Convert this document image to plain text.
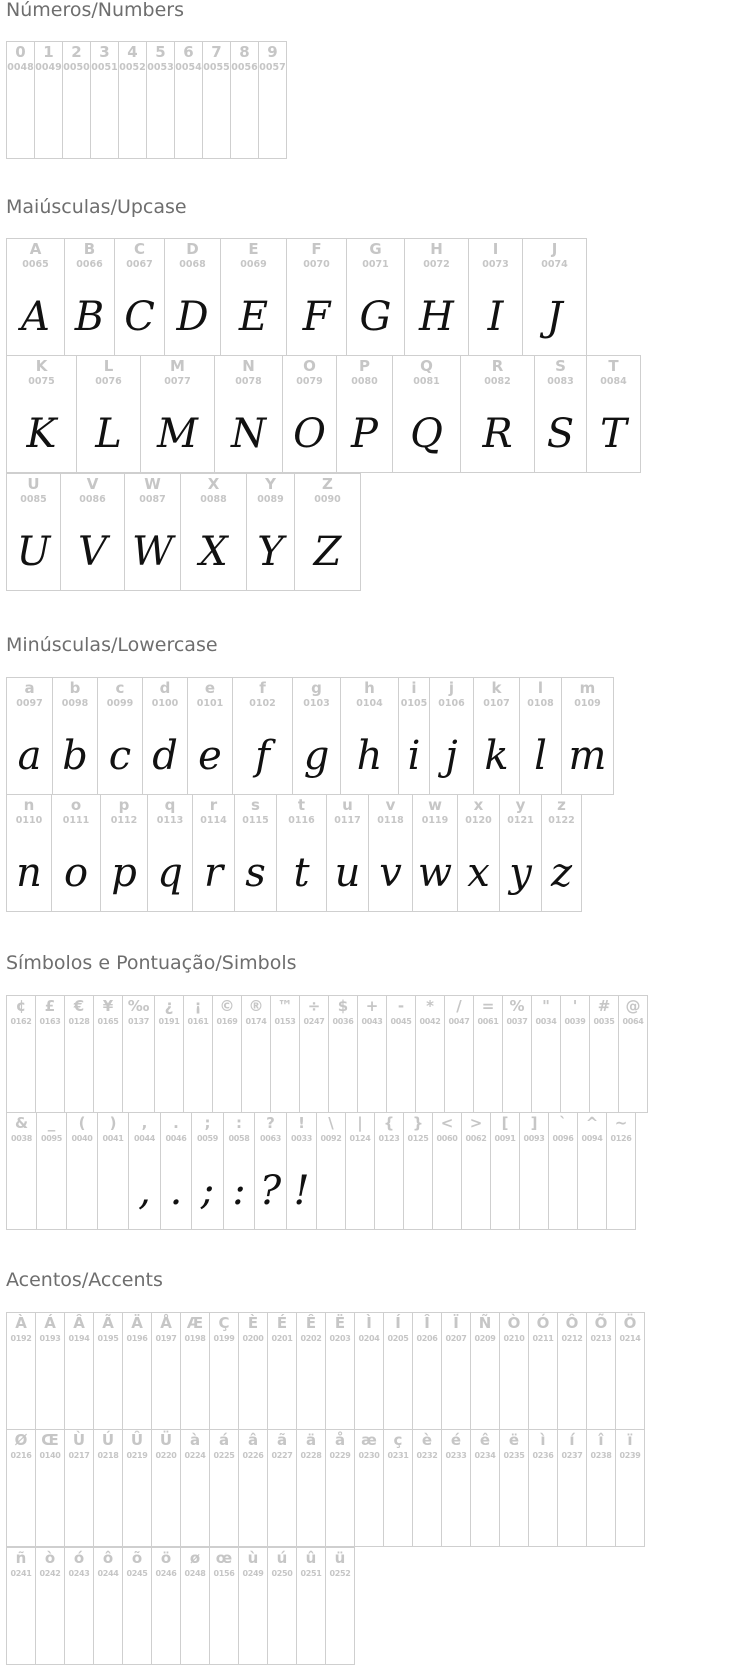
Números/Numbers
0
0048
1
0049
2
0050
3
0051
4
0052
5
0053
6
0054
7
0055
8
0056
9
0057
Maiúsculas/Upcase
A
0065
A
B
0066
B
C
0067
C
D
0068
D
E
0069
E
F
0070
F
G
0071
G
H
0072
H
I
0073
I
J
0074
J
K
0075
K
L
0076
L
M
0077
M
N
0078
N
O
0079
O
P
0080
P
Q
0081
Q
R
0082
R
S
0083
S
T
0084
T
U
0085
U
V
0086
V
W
0087
W
X
0088
X
Y
0089
Y
Z
0090
Z
Minúsculas/Lowercase
a
0097
a
b
0098
b
c
0099
c
d
0100
d
e
0101
e
f
0102
f
g
0103
g
h
0104
h
i
0105
i
j
0106
j
k
0107
k
l
0108
l
m
0109
m
n
0110
n
o
0111
o
p
0112
p
q
0113
q
r
0114
r
s
0115
s
t
0116
t
u
0117
u
v
0118
v
w
0119
w
x
0120
x
y
0121
y
z
0122
z
Símbolos e Pontuação/Simbols
¢
0162
£
0163
€
0128
¥
0165
‰
0137
¿
0191
¡
0161
©
0169
®
0174
™
0153
÷
0247
$
0036
+
0043
-
0045
*
0042
/
0047
=
0061
%
0037
"
0034
'
0039
#
0035
@
0064
&
0038
_
0095
(
0040
)
0041
,
0044
,
.
0046
.
;
0059
;
:
0058
:
?
0063
?
!
0033
!
\
0092
|
0124
{
0123
}
0125
<
0060
>
0062
[
0091
]
0093
`
0096
^
0094
~
0126
Acentos/Accents
À
0192
Á
0193
Â
0194
Ã
0195
Ä
0196
Å
0197
Æ
0198
Ç
0199
È
0200
É
0201
Ê
0202
Ë
0203
Ì
0204
Í
0205
Î
0206
Ï
0207
Ñ
0209
Ò
0210
Ó
0211
Ô
0212
Õ
0213
Ö
0214
Ø
0216
Œ
0140
Ù
0217
Ú
0218
Û
0219
Ü
0220
à
0224
á
0225
â
0226
ã
0227
ä
0228
å
0229
æ
0230
ç
0231
è
0232
é
0233
ê
0234
ë
0235
ì
0236
í
0237
î
0238
ï
0239
ñ
0241
ò
0242
ó
0243
ô
0244
õ
0245
ö
0246
ø
0248
œ
0156
ù
0249
ú
0250
û
0251
ü
0252
